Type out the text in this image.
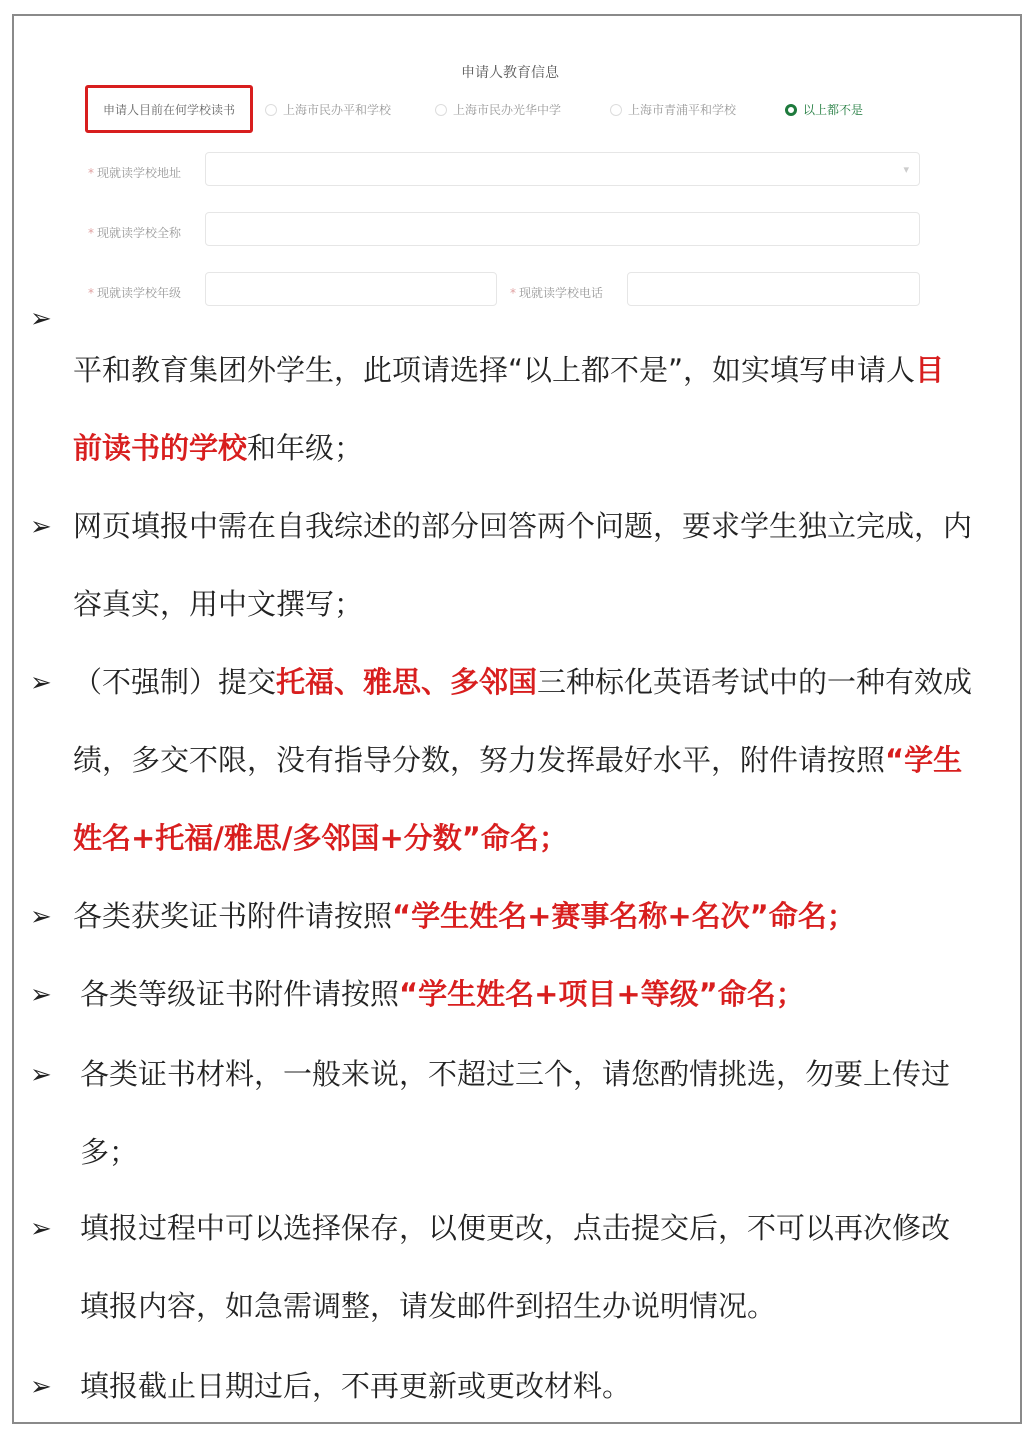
申请人教育信息
申请人目前在何学校读书	上海市民办平和学校	上海市民办光华中学	上海市青浦平和学校	以上都不是
* 现就读学校地址	▾
* 现就读学校全称
* 现就读学校年级
*	现就读学校电话
➢
平和教育集团外学生，此项请选择“以上都不是”，如实填写申请人目
前读书的学校和年级；
➢ 网页填报中需在自我综述的部分回答两个问题，要求学生独立完成，内
容真实，用中文撰写；
➢ （不强制）提交托福、雅思、多邻国三种标化英语考试中的一种有效成
绩，多交不限，没有指导分数，努力发挥最好水平，附件请按照“学生
姓名+托福/雅思/多邻国+分数”命名；
➢ 各类获奖证书附件请按照“学生姓名+赛事名称+名次”命名；
➢ 各类等级证书附件请按照“学生姓名+项目+等级”命名；
➢ 各类证书材料，一般来说，不超过三个，请您酌情挑选，勿要上传过
多；
➢ 填报过程中可以选择保存，以便更改，点击提交后，不可以再次修改
填报内容，如急需调整，请发邮件到招生办说明情况。
➢ 填报截止日期过后，不再更新或更改材料。
